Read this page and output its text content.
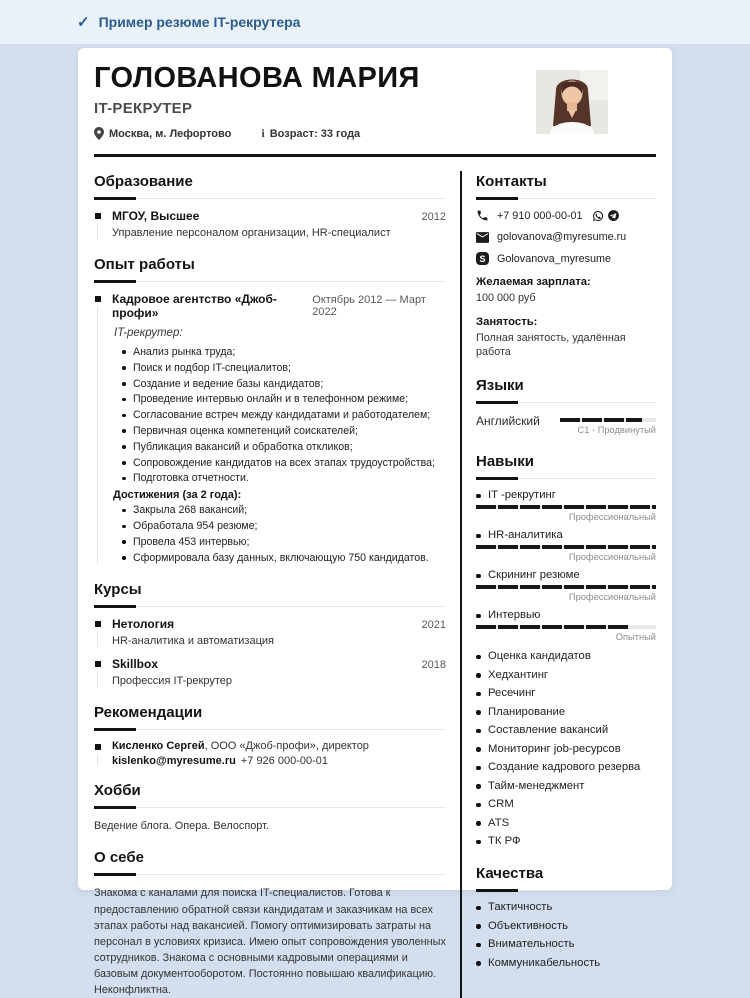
✓ Пример резюме IT-рекрутера
ГОЛОВАНОВА МАРИЯ
IT-РЕКРУТЕР
Москва, м. Лефортово	i Возраст: 33 года
Образование
МГОУ, Высшее	2012
Управление персоналом организации, HR-специалист
Опыт работы
Кадровое агентство «Джоб-профи»
Октябрь 2012 — Март 2022
IT-рекрутер:
Анализ рынка труда;
Поиск и подбор IT-специалитов;
Создание и ведение базы кандидатов;
Проведение интервью онлайн и в телефонном режиме;
Согласование встреч между кандидатами и работодателем;
Первичная оценка компетенций соискателей;
Публикация вакансий и обработка откликов;
Сопровождение кандидатов на всех этапах трудоустройства;
Подготовка отчетности.
Достижения (за 2 года):
Закрыла 268 вакансий;
Обработала 954 резюме;
Провела 453 интервью;
Сформировала базу данных, включающую 750 кандидатов.
Курсы
Нетология	2021
HR-аналитика и автоматизация
Skillbox	2018
Профессия IT-рекрутер
Рекомендации
Кисленко Сергей, ООО «Джоб-профи», директор
kislenko@myresume.ru +7 926 000-00-01
Хобби
Ведение блога. Опера. Велоспорт.
О себе
Знакома с каналами для поиска IT-специалистов. Готова к предоставлению обратной связи кандидатам и заказчикам на всех этапах работы над вакансией. Помогу оптимизировать затраты на персонал в условиях кризиса. Имею опыт сопровождения уволенных сотрудников. Знакома с основными кадровыми операциями и базовым документооборотом. Постоянно повышаю квалификацию. Неконфликтна.
Контакты
+7 910 000-00-01
golovanova@myresume.ru
S	Golovanova_myresume
Желаемая зарплата:
100 000 руб
Занятость:
Полная занятость, удалённая работа
Языки
Английский
C1 - Продвинутый
Навыки
IT -рекрутинг
Профессиональный
HR-аналитика
Профессиональный
Скрининг резюме
Профессиональный
Интервью
Опытный
Оценка кандидатов
Хедхантинг
Ресечинг
Планирование
Составление вакансий
Мониторинг job-ресурсов
Создание кадрового резерва
Тайм-менеджмент
CRM
ATS
ТК РФ
Качества
Тактичность
Объективность
Внимательность
Коммуникабельность
